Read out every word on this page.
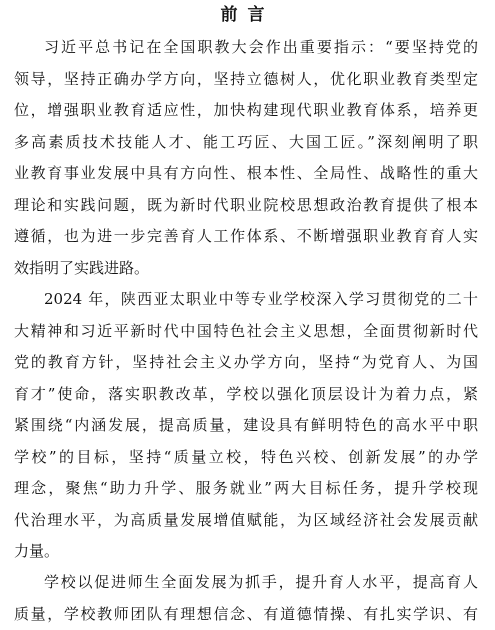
前言
习近平总书记在全国职教大会作出重要指示：“要坚持党的
领导，坚持正确办学方向，坚持立德树人，优化职业教育类型定
位，增强职业教育适应性，加快构建现代职业教育体系，培养更
多高素质技术技能人才、能工巧匠、大国工匠。”深刻阐明了职
业教育事业发展中具有方向性、根本性、全局性、战略性的重大
理论和实践问题，既为新时代职业院校思想政治教育提供了根本
遵循，也为进一步完善育人工作体系、不断增强职业教育育人实
效指明了实践进路。
2024 年，陕西亚太职业中等专业学校深入学习贯彻党的二十
大精神和习近平新时代中国特色社会主义思想，全面贯彻新时代
党的教育方针，坚持社会主义办学方向，坚持“为党育人、为国
育才”使命，落实职教改革，学校以强化顶层设计为着力点，紧
紧围绕“内涵发展，提高质量，建设具有鲜明特色的高水平中职
学校”的目标，坚持“质量立校，特色兴校、创新发展”的办学
理念，聚焦“助力升学、服务就业”两大目标任务，提升学校现
代治理水平，为高质量发展增值赋能，为区域经济社会发展贡献
力量。
学校以促进师生全面发展为抓手，提升育人水平，提高育人
质量，学校教师团队有理想信念、有道德情操、有扎实学识、有
